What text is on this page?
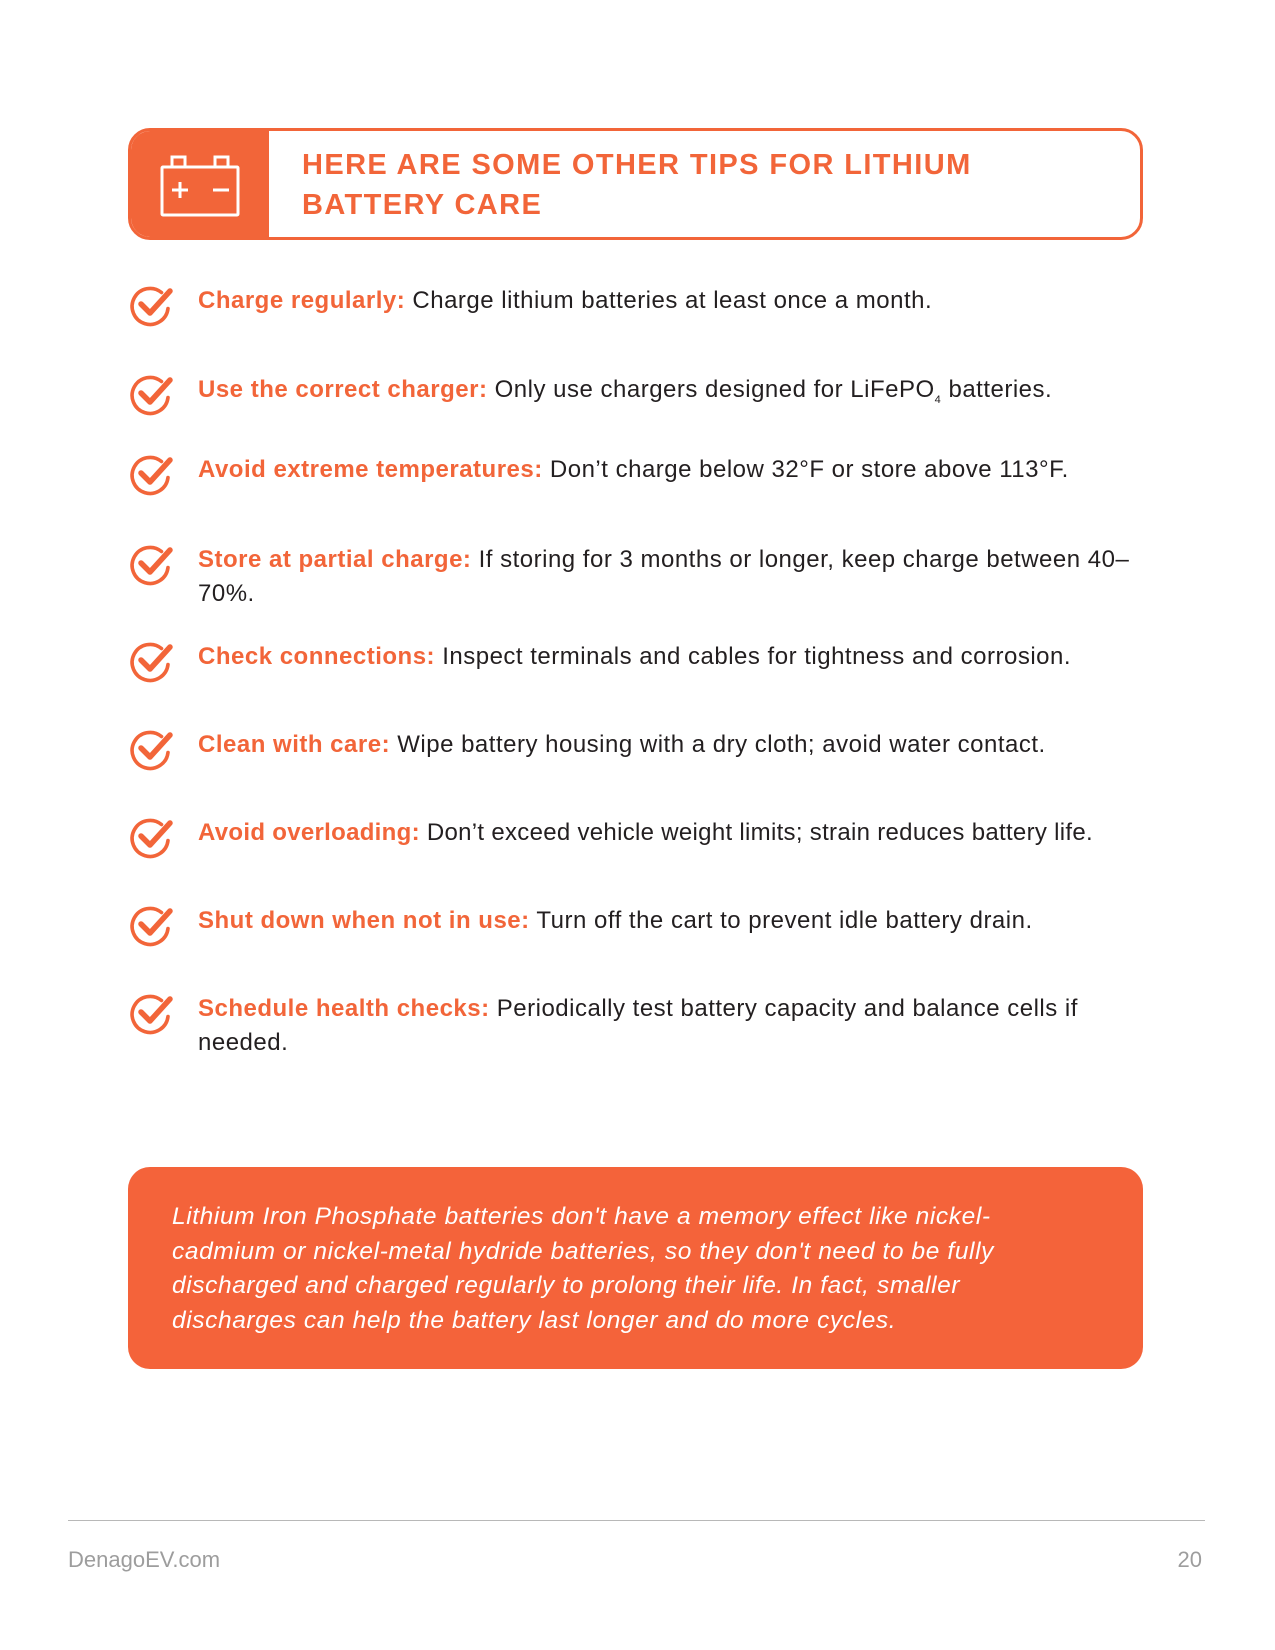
HERE ARE SOME OTHER TIPS FOR LITHIUM BATTERY CARE
Charge regularly: Charge lithium batteries at least once a month.
Use the correct charger: Only use chargers designed for LiFePO$_4$ batteries.
Avoid extreme temperatures: Don’t charge below 32°F or store above 113°F.
Store at partial charge: If storing for 3 months or longer, keep charge between 40–70%.
Check connections: Inspect terminals and cables for tightness and corrosion.
Clean with care: Wipe battery housing with a dry cloth; avoid water contact.
Avoid overloading: Don’t exceed vehicle weight limits; strain reduces battery life.
Shut down when not in use: Turn off the cart to prevent idle battery drain.
Schedule health checks: Periodically test battery capacity and balance cells if needed.

Lithium Iron Phosphate batteries don't have a memory effect like nickel-cadmium or nickel-metal hydride batteries, so they don't need to be fully discharged and charged regularly to prolong their life. In fact, smaller discharges can help the battery last longer and do more cycles.

DenagoEV.com	20
